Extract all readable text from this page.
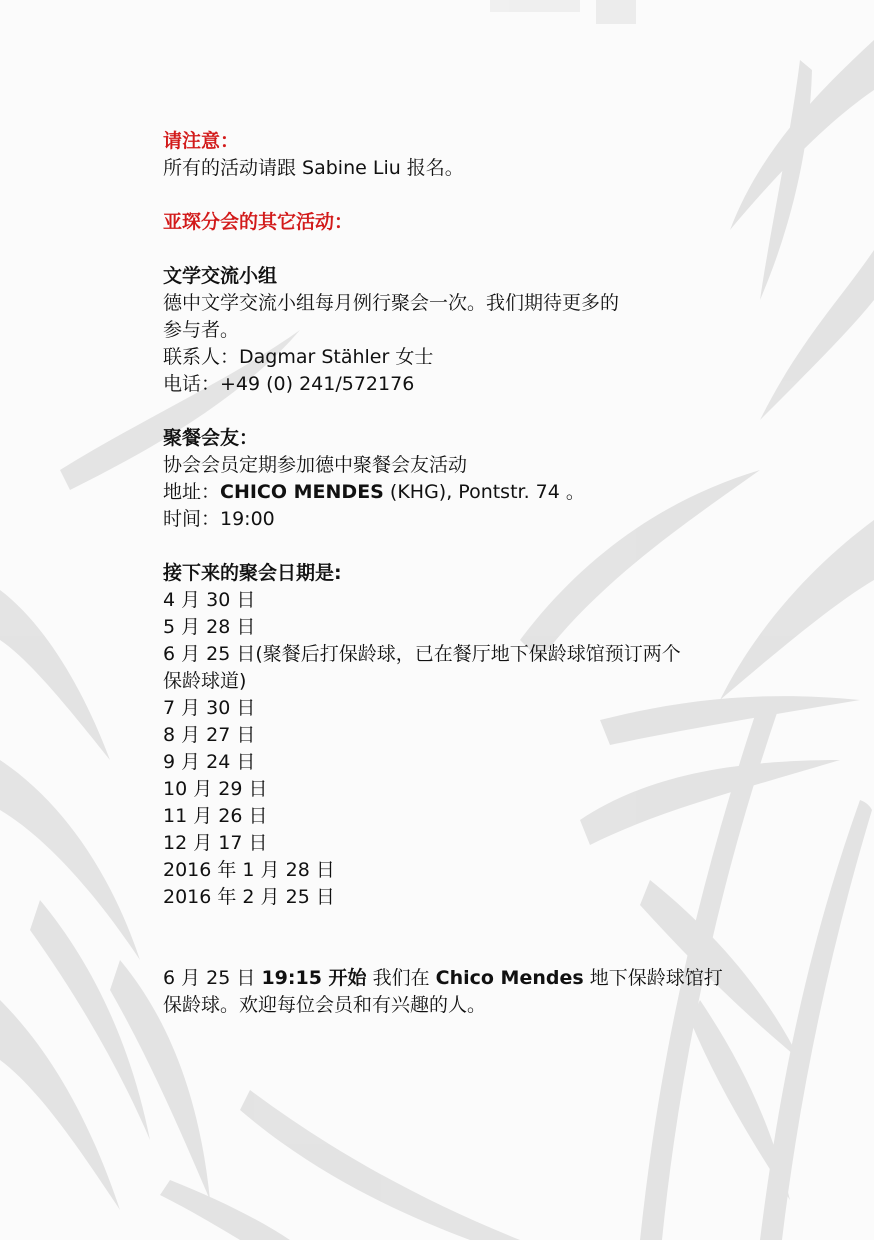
请注意：
所有的活动请跟 Sabine Liu 报名。
亚琛分会的其它活动：
文学交流小组
德中文学交流小组每月例行聚会一次。我们期待更多的
参与者。
联系人：Dagmar Stähler 女士
电话：+49 (0) 241/572176
聚餐会友：
协会会员定期参加德中聚餐会友活动
地址：CHICO MENDES (KHG), Pontstr. 74 。
时间：19:00
接下来的聚会日期是:
4 月 30 日
5 月 28 日
6 月 25 日(聚餐后打保龄球，已在餐厅地下保龄球馆预订两个
保龄球道)
7 月 30 日
8 月 27 日
9 月 24 日
10 月 29 日
11 月 26 日
12 月 17 日
2016 年 1 月 28 日
2016 年 2 月 25 日
6 月 25 日 19:15 开始 我们在 Chico Mendes 地下保龄球馆打
保龄球。欢迎每位会员和有兴趣的人。
